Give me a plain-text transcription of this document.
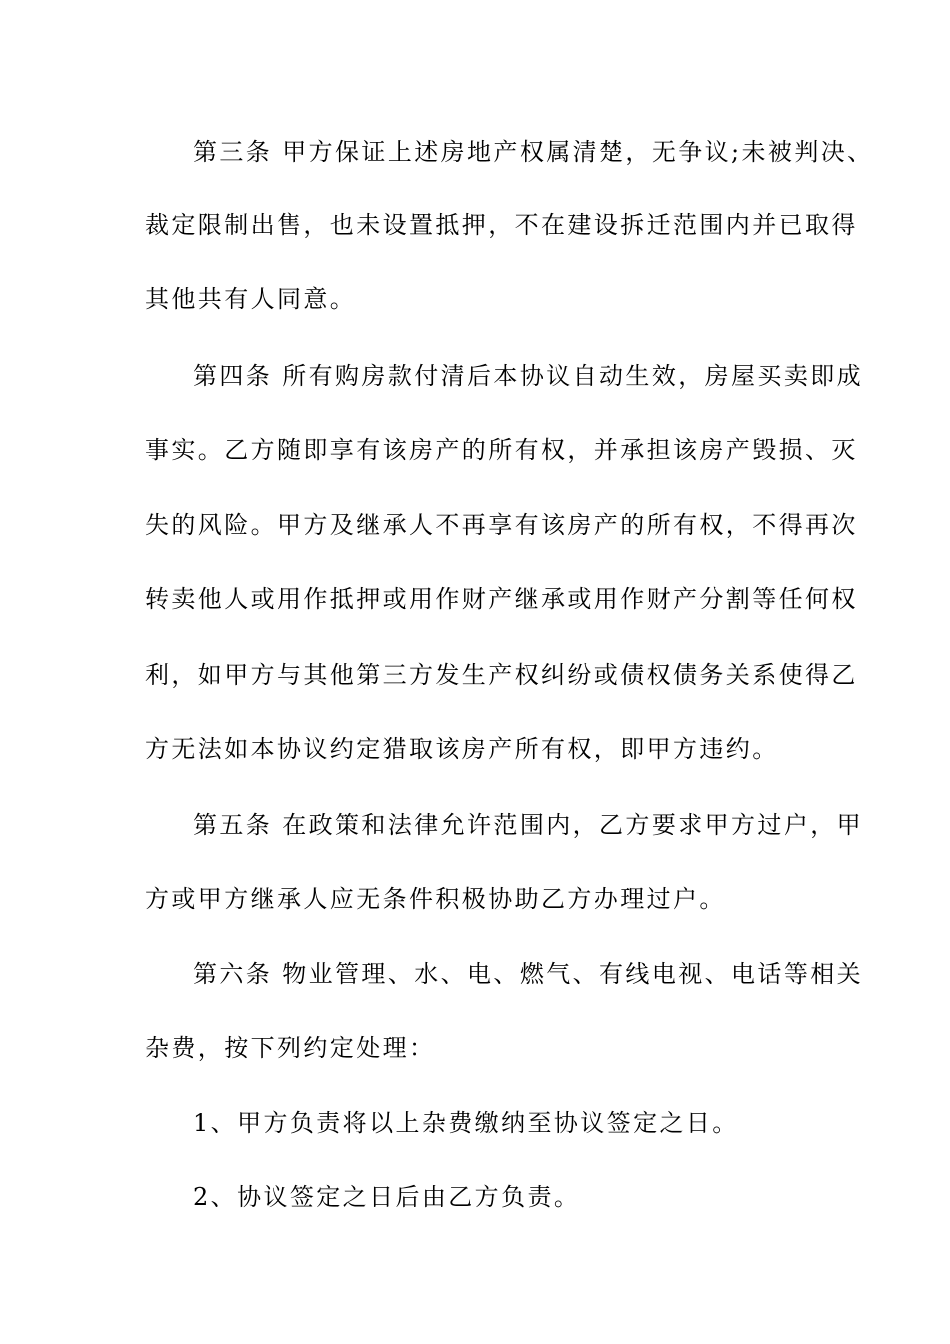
第三条 甲方保证上述房地产权属清楚，无争议;未被判决、
裁定限制出售，也未设置抵押，不在建设拆迁范围内并已取得
其他共有人同意。
第四条 所有购房款付清后本协议自动生效，房屋买卖即成
事实。乙方随即享有该房产的所有权，并承担该房产毁损、灭
失的风险。甲方及继承人不再享有该房产的所有权，不得再次
转卖他人或用作抵押或用作财产继承或用作财产分割等任何权
利，如甲方与其他第三方发生产权纠纷或债权债务关系使得乙
方无法如本协议约定猎取该房产所有权，即甲方违约。
第五条 在政策和法律允许范围内，乙方要求甲方过户，甲
方或甲方继承人应无条件积极协助乙方办理过户。
第六条 物业管理、水、电、燃气、有线电视、电话等相关
杂费，按下列约定处理：
1、甲方负责将以上杂费缴纳至协议签定之日。
2、协议签定之日后由乙方负责。
